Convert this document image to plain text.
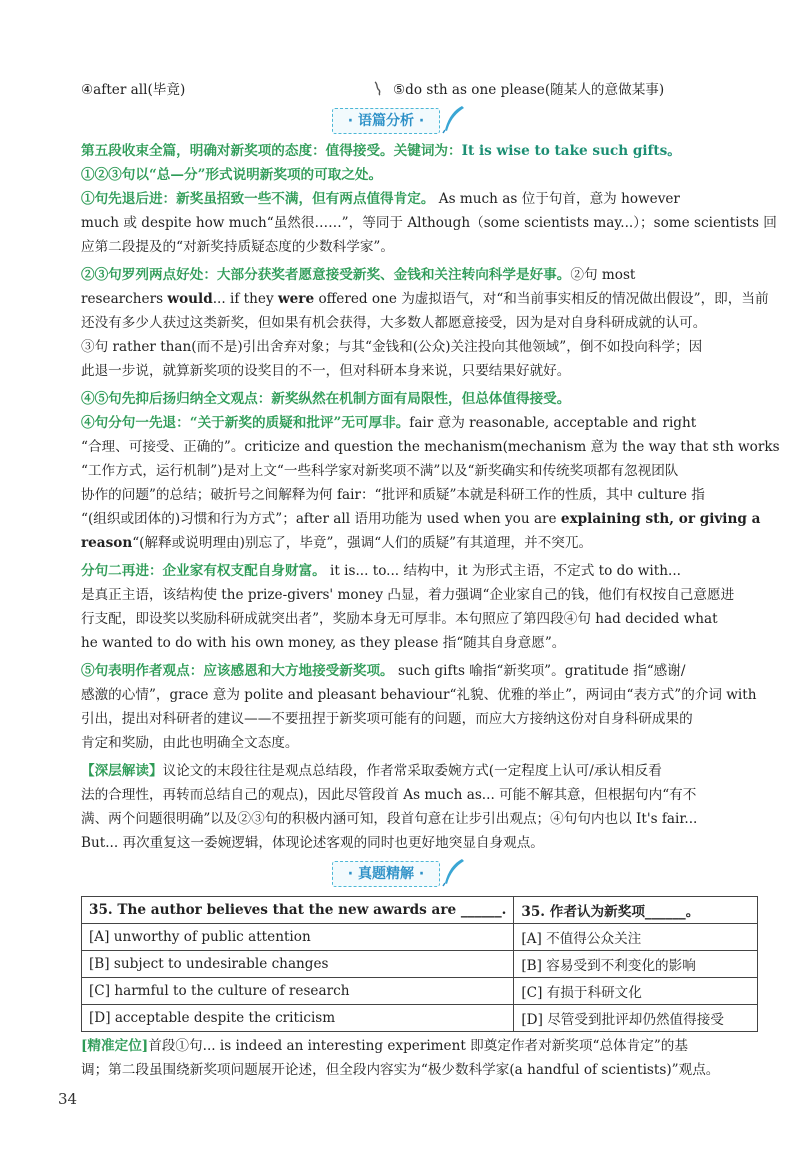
④after all(毕竟)	⑤do sth as one please(随某人的意做某事)
· 语篇分析 ·
第五段收束全篇，明确对新奖项的态度：值得接受。关键词为：It is wise to take such gifts。
①②③句以“总—分”形式说明新奖项的可取之处。
①句先退后进：新奖虽招致一些不满，但有两点值得肯定。 As much as 位于句首，意为 however
much 或 despite how much“虽然很……”，等同于 Although（some scientists may...）；some scientists 回
应第二段提及的“对新奖持质疑态度的少数科学家”。
②③句罗列两点好处：大部分获奖者愿意接受新奖、金钱和关注转向科学是好事。②句 most
researchers would... if they were offered one 为虚拟语气，对“和当前事实相反的情况做出假设”，即，当前
还没有多少人获过这类新奖，但如果有机会获得，大多数人都愿意接受，因为是对自身科研成就的认可。
③句 rather than(而不是)引出舍弃对象；与其“金钱和(公众)关注投向其他领域”，倒不如投向科学；因
此退一步说，就算新奖项的设奖目的不一，但对科研本身来说，只要结果好就好。
④⑤句先抑后扬归纳全文观点：新奖纵然在机制方面有局限性，但总体值得接受。
④句分句一先退：“关于新奖的质疑和批评”无可厚非。fair 意为 reasonable, acceptable and right
“合理、可接受、正确的”。criticize and question the mechanism(mechanism 意为 the way that sth works
“工作方式，运行机制”)是对上文“一些科学家对新奖项不满”以及“新奖确实和传统奖项都有忽视团队
协作的问题”的总结；破折号之间解释为何 fair：“批评和质疑”本就是科研工作的性质，其中 culture 指
“(组织或团体的)习惯和行为方式”；after all 语用功能为 used when you are explaining sth, or giving a
reason“(解释或说明理由)别忘了，毕竟”，强调“人们的质疑”有其道理，并不突兀。
分句二再进：企业家有权支配自身财富。 it is... to... 结构中，it 为形式主语，不定式 to do with...
是真正主语，该结构使 the prize-givers' money 凸显，着力强调“企业家自己的钱，他们有权按自己意愿进
行支配，即设奖以奖励科研成就突出者”，奖励本身无可厚非。本句照应了第四段④句 had decided what
he wanted to do with his own money, as they please 指“随其自身意愿”。
⑤句表明作者观点：应该感恩和大方地接受新奖项。 such gifts 喻指“新奖项”。gratitude 指“感谢/
感激的心情”，grace 意为 polite and pleasant behaviour“礼貌、优雅的举止”，两词由“表方式”的介词 with
引出，提出对科研者的建议——不要扭捏于新奖项可能有的问题，而应大方接纳这份对自身科研成果的
肯定和奖励，由此也明确全文态度。
【深层解读】议论文的末段往往是观点总结段，作者常采取委婉方式(一定程度上认可/承认相反看
法的合理性，再转而总结自己的观点)，因此尽管段首 As much as... 可能不解其意，但根据句内“有不
满、两个问题很明确”以及②③句的积极内涵可知，段首句意在让步引出观点；④句句内也以 It's fair...
But... 再次重复这一委婉逻辑，体现论述客观的同时也更好地突显自身观点。
· 真题精解 ·
35. The author believes that the new awards are ______.	35. 作者认为新奖项______。
[A] unworthy of public attention	[A] 不值得公众关注
[B] subject to undesirable changes	[B] 容易受到不利变化的影响
[C] harmful to the culture of research	[C] 有损于科研文化
[D] acceptable despite the criticism	[D] 尽管受到批评却仍然值得接受
[精准定位]首段①句... is indeed an interesting experiment 即奠定作者对新奖项“总体肯定”的基
调；第二段虽围绕新奖项问题展开论述，但全段内容实为“极少数科学家(a handful of scientists)”观点。
34
